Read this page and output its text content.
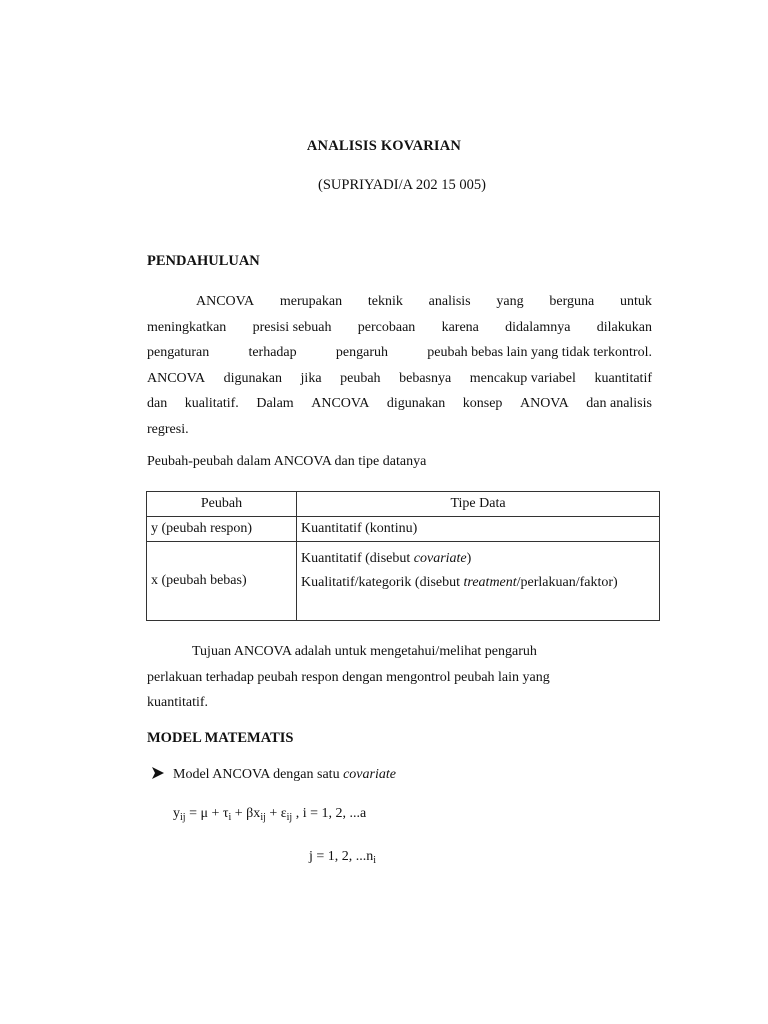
ANALISIS KOVARIAN
(SUPRIYADI/A 202 15 005)
PENDAHULUAN
ANCOVA merupakan teknik analisis yang berguna untuk
meningkatkan presisi sebuah percobaan karena didalamnya dilakukan
pengaturan	terhadap	pengaruh	peubah bebas lain yang tidak terkontrol.
ANCOVA digunakan jika peubah bebasnya mencakup variabel kuantitatif
dan kualitatif. Dalam ANCOVA digunakan konsep ANOVA dan analisis
regresi.
Peubah-peubah dalam ANCOVA dan tipe datanya
Peubah	Tipe Data
y (peubah respon)	Kuantitatif (kontinu)
x (peubah bebas)	Kuantitatif (disebut covariate)
Kualitatif/kategorik (disebut treatment/perlakuan/faktor)
Tujuan ANCOVA adalah untuk mengetahui/melihat pengaruh
perlakuan terhadap peubah respon dengan mengontrol peubah lain yang
kuantitatif.
MODEL MATEMATIS
Model ANCOVA dengan satu covariate
$y_{ij} = \mu + \tau_i + \beta x_{ij} + \varepsilon_{ij}$ , i = 1, 2, ...a
j = 1, 2, $...n_i$
